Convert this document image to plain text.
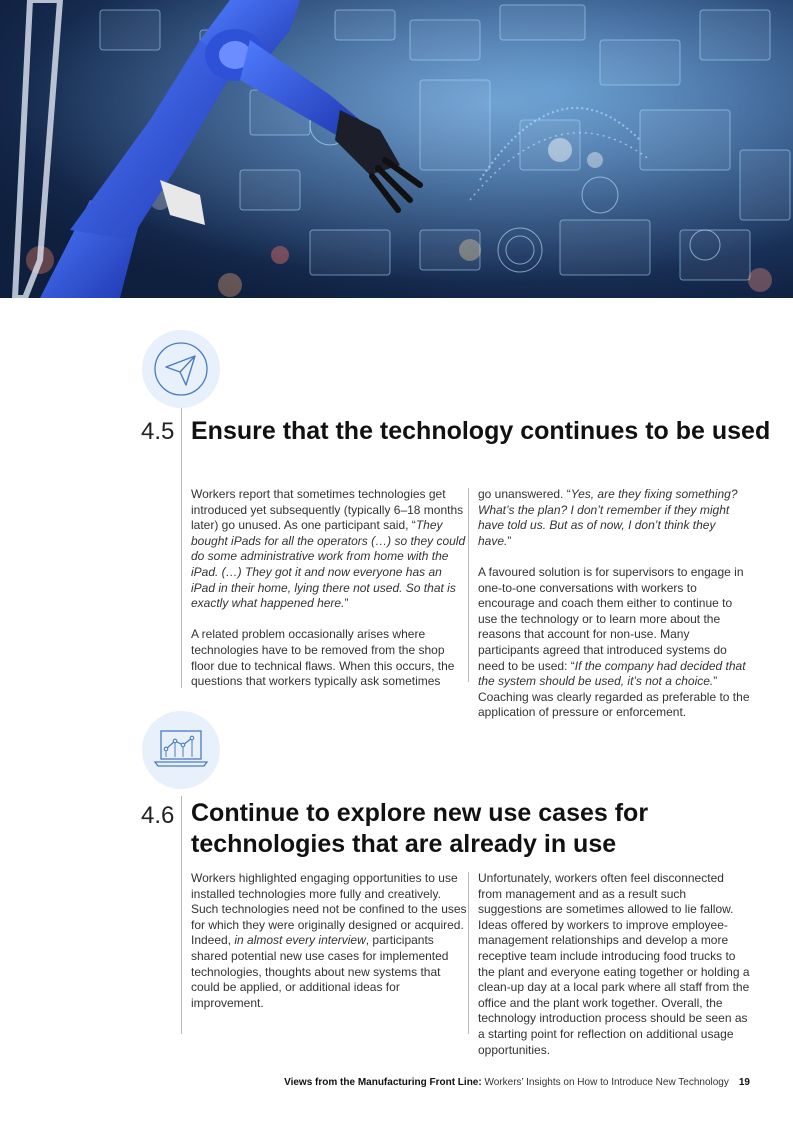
4.5 Ensure that the technology continues to be used

Workers report that sometimes technologies get introduced yet subsequently (typically 6–18 months later) go unused. As one participant said, “They bought iPads for all the operators (…) so they could do some administrative work from home with the iPad. (…) They got it and now everyone has an iPad in their home, lying there not used. So that is exactly what happened here.”

A related problem occasionally arises where technologies have to be removed from the shop floor due to technical flaws. When this occurs, the questions that workers typically ask sometimes

go unanswered. “Yes, are they fixing something? What’s the plan? I don’t remember if they might have told us. But as of now, I don’t think they have.”

A favoured solution is for supervisors to engage in one-to-one conversations with workers to encourage and coach them either to continue to use the technology or to learn more about the reasons that account for non-use. Many participants agreed that introduced systems do need to be used: “If the company had decided that the system should be used, it’s not a choice.” Coaching was clearly regarded as preferable to the application of pressure or enforcement.

4.6 Continue to explore new use cases for technologies that are already in use

Workers highlighted engaging opportunities to use installed technologies more fully and creatively. Such technologies need not be confined to the uses for which they were originally designed or acquired. Indeed, in almost every interview, participants shared potential new use cases for implemented technologies, thoughts about new systems that could be applied, or additional ideas for improvement.

Unfortunately, workers often feel disconnected from management and as a result such suggestions are sometimes allowed to lie fallow. Ideas offered by workers to improve employee-management relationships and develop a more receptive team include introducing food trucks to the plant and everyone eating together or holding a clean-up day at a local park where all staff from the office and the plant work together. Overall, the technology introduction process should be seen as a starting point for reflection on additional usage opportunities.

Views from the Manufacturing Front Line: Workers’ Insights on How to Introduce New Technology 19
